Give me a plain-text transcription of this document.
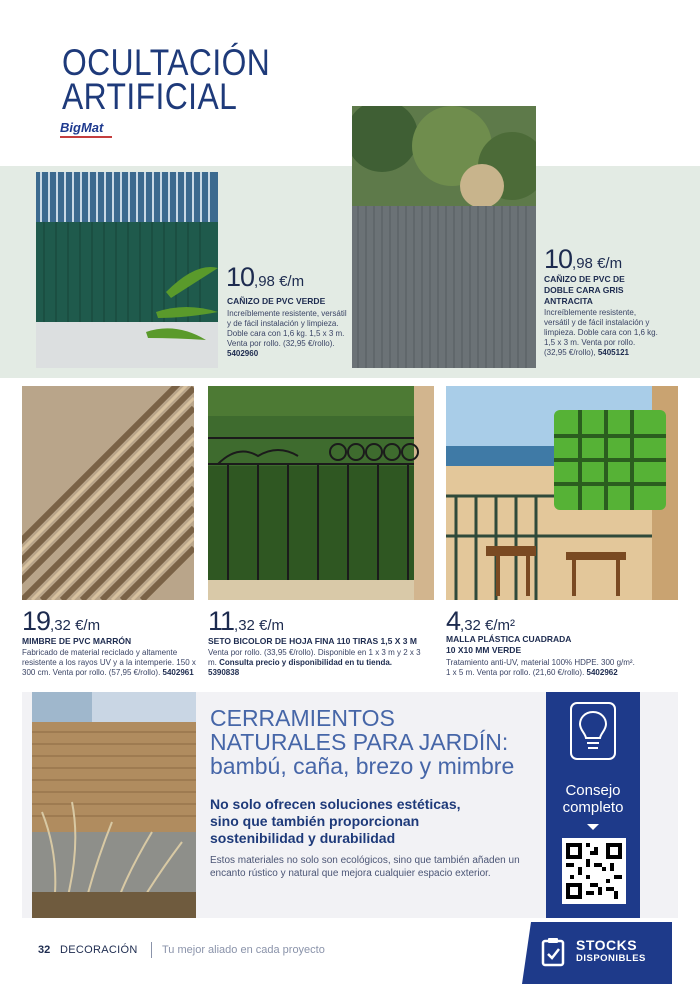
OCULTACIÓN
ARTIFICIAL
BigMat
10,98 €/m
CAÑIZO DE PVC VERDE
Increíblemente resistente, versátil y de fácil instalación y limpieza. Doble cara con 1,6 kg. 1,5 x 3 m. Venta por rollo. (32,95 €/rollo). 5402960
10,98 €/m
CAÑIZO DE PVC DE
DOBLE CARA GRIS
ANTRACITA
Increíblemente resistente, versátil y de fácil instalación y limpieza. Doble cara con 1,6 kg. 1,5 x 3 m. Venta por rollo. (32,95 €/rollo), 5405121
19,32 €/m
MIMBRE DE PVC MARRÓN
Fabricado de material reciclado y altamente resistente a los rayos UV y a la intemperie. 150 x 300 cm. Venta por rollo. (57,95 €/rollo). 5402961
11,32 €/m
SETO BICOLOR DE HOJA FINA 110 TIRAS 1,5 X 3 M
Venta por rollo. (33,95 €/rollo). Disponible en 1 x 3 m y 2 x 3 m. Consulta precio y disponibilidad en tu tienda. 5390838
4,32 €/m²
MALLA PLÁSTICA CUADRADA
10 X10 MM VERDE
Tratamiento anti-UV, material 100% HDPE. 300 g/m². 1 x 5 m. Venta por rollo. (21,60 €/rollo). 5402962
CERRAMIENTOS
NATURALES PARA JARDÍN:
bambú, caña, brezo y mimbre
No solo ofrecen soluciones estéticas,
sino que también proporcionan
sostenibilidad y durabilidad
Estos materiales no solo son ecológicos, sino que también añaden un encanto rústico y natural que mejora cualquier espacio exterior.
Consejo
completo
32 DECORACIÓN Tu mejor aliado en cada proyecto	STOCKS
DISPONIBLES
